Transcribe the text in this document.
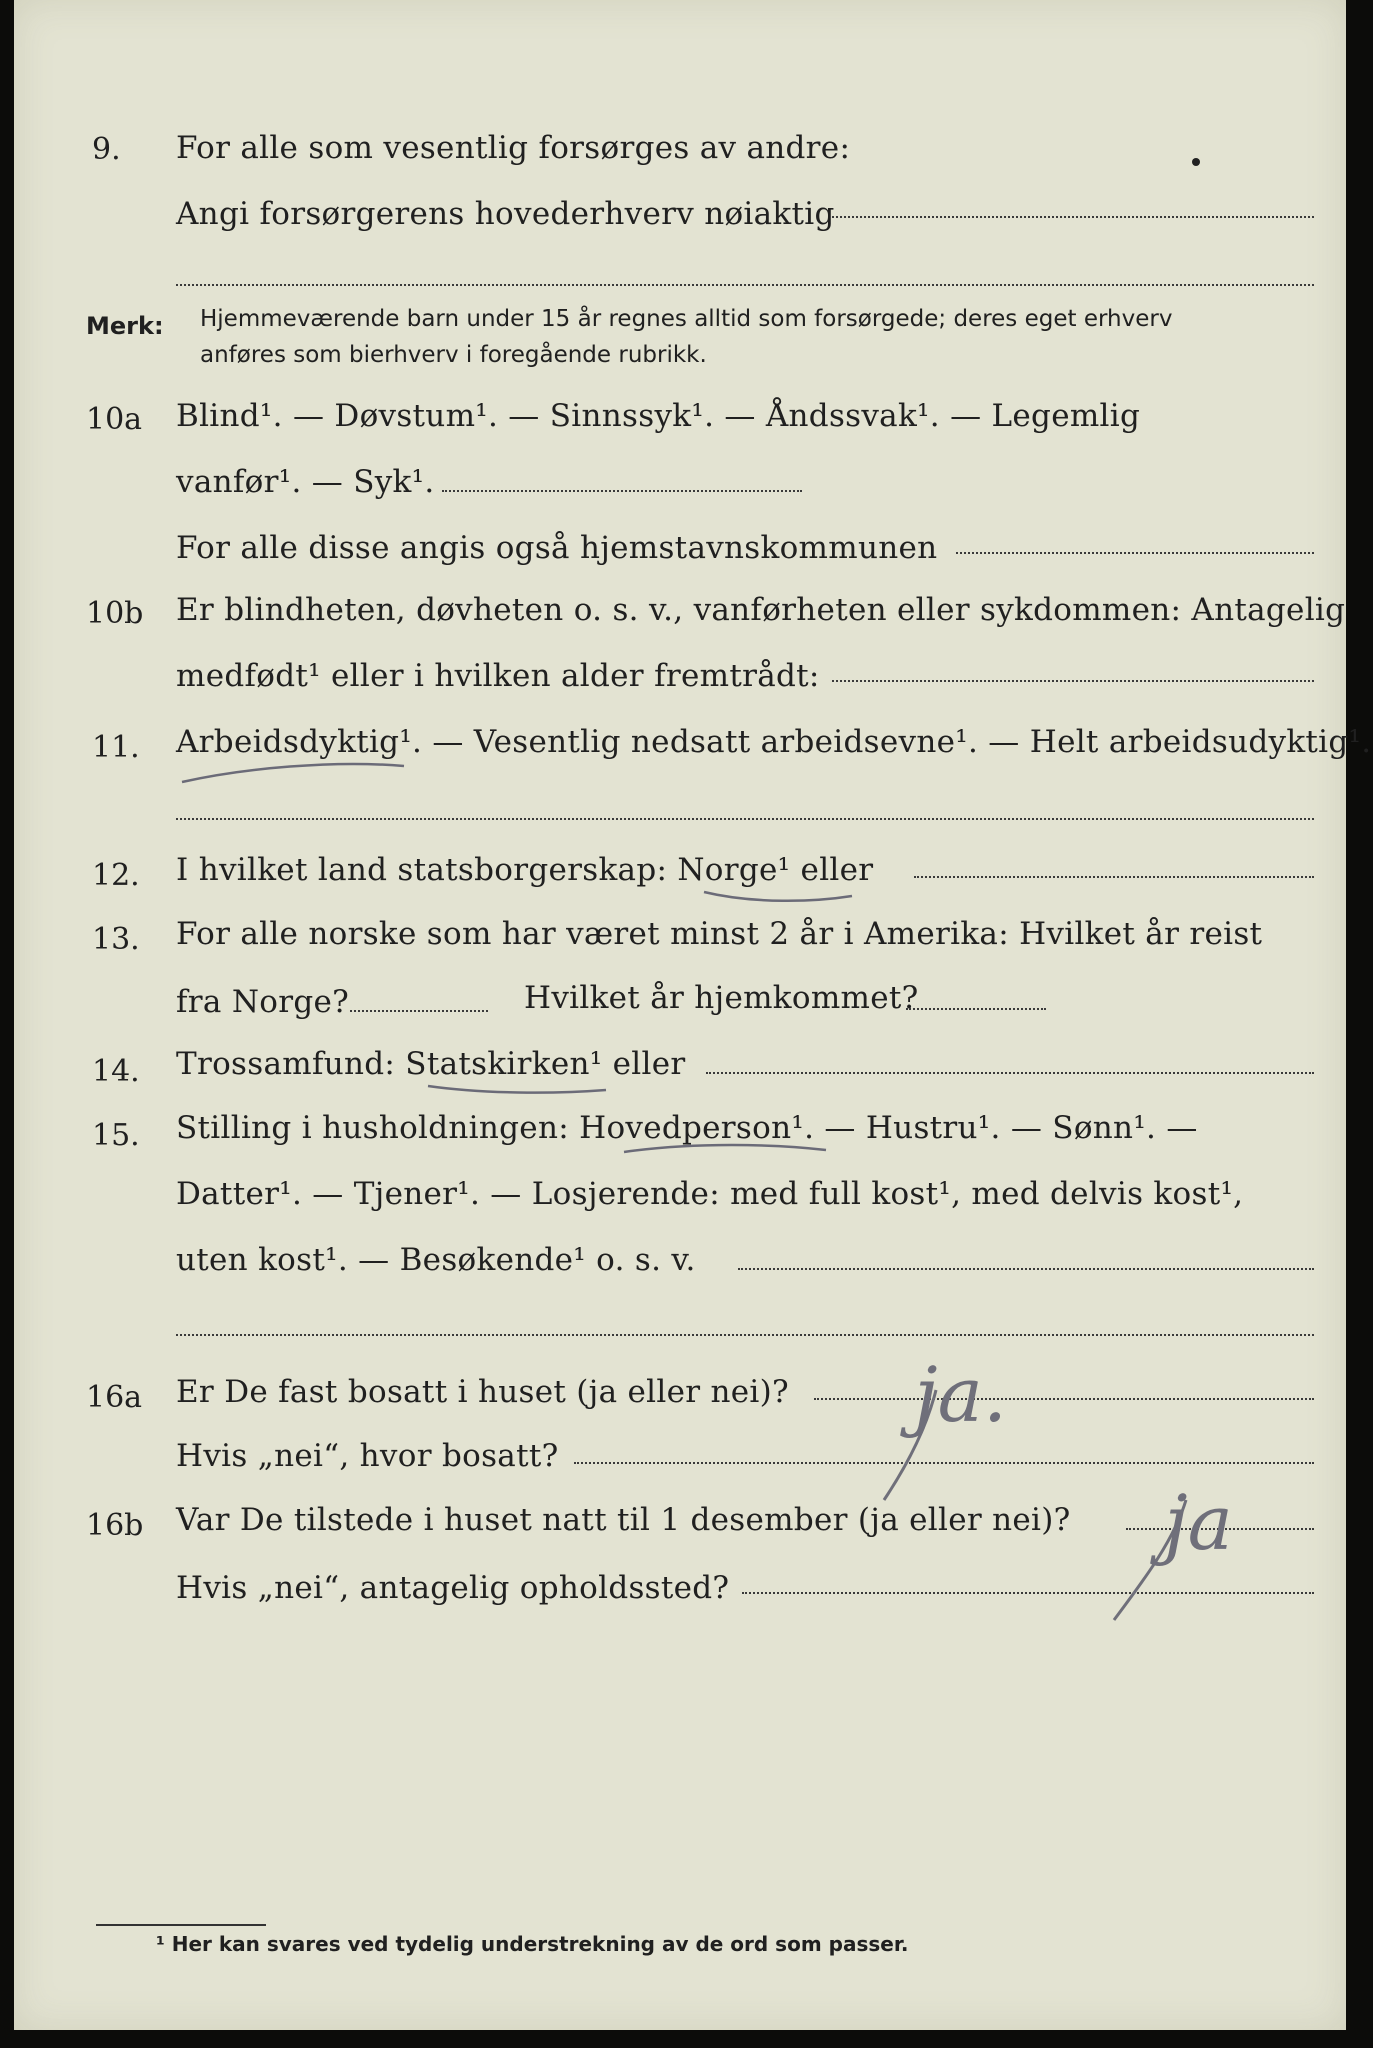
9. For alle som vesentlig forsørges av andre:
Angi forsørgerens hovederhverv nøiaktig
Merk: Hjemmeværende barn under 15 år regnes alltid som forsørgede; deres eget erhverv
anføres som bierhverv i foregående rubrikk.
10a Blind¹. — Døvstum¹. — Sinnssyk¹. — Åndssvak¹. — Legemlig
vanfør¹. — Syk¹.
For alle disse angis også hjemstavnskommunen
10b Er blindheten, døvheten o. s. v., vanførheten eller sykdommen: Antagelig
medfødt¹ eller i hvilken alder fremtrådt:
11. Arbeidsdyktig¹. — Vesentlig nedsatt arbeidsevne¹. — Helt arbeidsudyktig¹.
12. I hvilket land statsborgerskap: Norge¹ eller
13. For alle norske som har været minst 2 år i Amerika: Hvilket år reist
fra Norge?	Hvilket år hjemkommet?
14. Trossamfund: Statskirken¹ eller
15. Stilling i husholdningen: Hovedperson¹. — Hustru¹. — Sønn¹. —
Datter¹. — Tjener¹. — Losjerende: med full kost¹, med delvis kost¹,
uten kost¹. — Besøkende¹ o. s. v.
16a Er De fast bosatt i huset (ja eller nei)?
Hvis „nei“, hvor bosatt?
ja.
16b Var De tilstede i huset natt til 1 desember (ja eller nei)?
Hvis „nei“, antagelig opholdssted?
ja
¹ Her kan svares ved tydelig understrekning av de ord som passer.
